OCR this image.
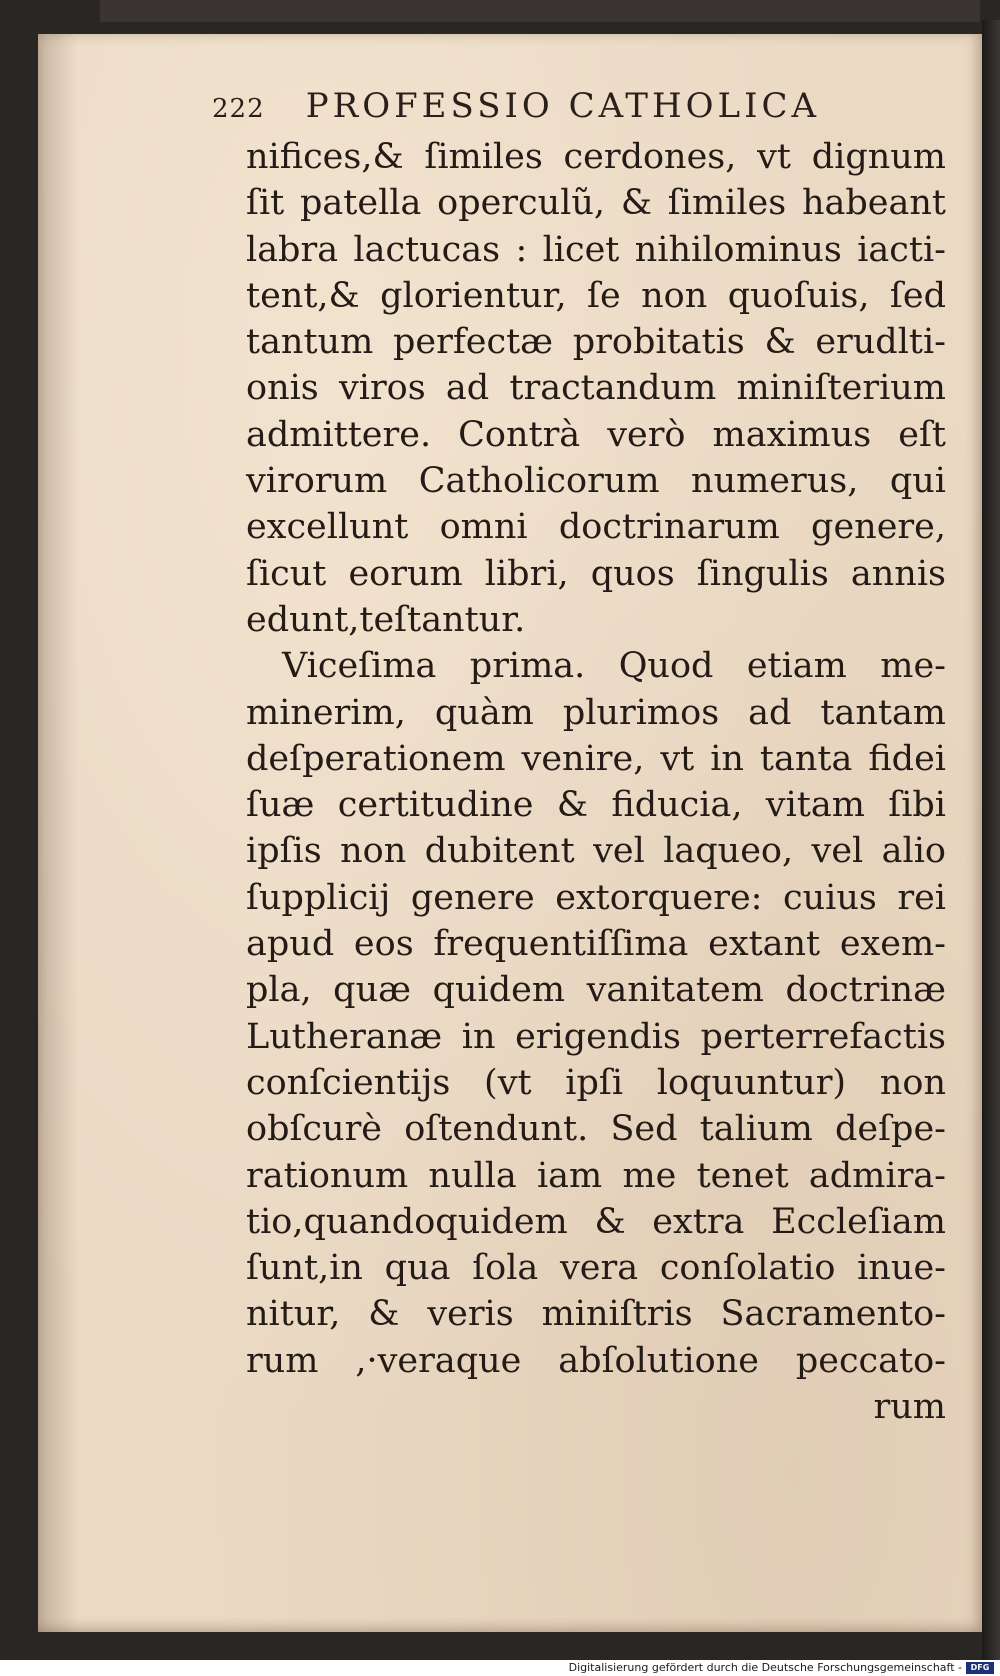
222 PROFESSIO CATHOLICA
nifices,& ſimiles cerdones, vt dignum
ſit patella operculũ, & ſimiles habeant
labra lactucas : licet nihilominus iacti-
tent,& glorientur, ſe non quoſuis, ſed
tantum perfectæ probitatis & erudlti-
onis viros ad tractandum miniſterium
admittere. Contrà verò maximus eſt
virorum Catholicorum numerus, qui
excellunt omni doctrinarum genere,
ſicut eorum libri, quos ſingulis annis
edunt,teſtantur.
Viceſima prima. Quod etiam me-
minerim, quàm plurimos ad tantam
deſperationem venire, vt in tanta fidei
ſuæ certitudine & fiducia, vitam ſibi
ipſis non dubitent vel laqueo, vel alio
ſupplicij genere extorquere: cuius rei
apud eos frequentiſſima extant exem-
pla, quæ quidem vanitatem doctrinæ
Lutheranæ in erigendis perterrefactis
conſcientijs (vt ipſi loquuntur) non
obſcurè oſtendunt. Sed talium deſpe-
rationum nulla iam me tenet admira-
tio,quandoquidem & extra Eccleſiam
ſunt,in qua ſola vera conſolatio inue-
nitur, & veris miniſtris Sacramento-
rum ,·veraque abſolutione peccato-
rum
Digitalisierung gefördert durch die Deutsche Forschungsgemeinschaft - DFG
